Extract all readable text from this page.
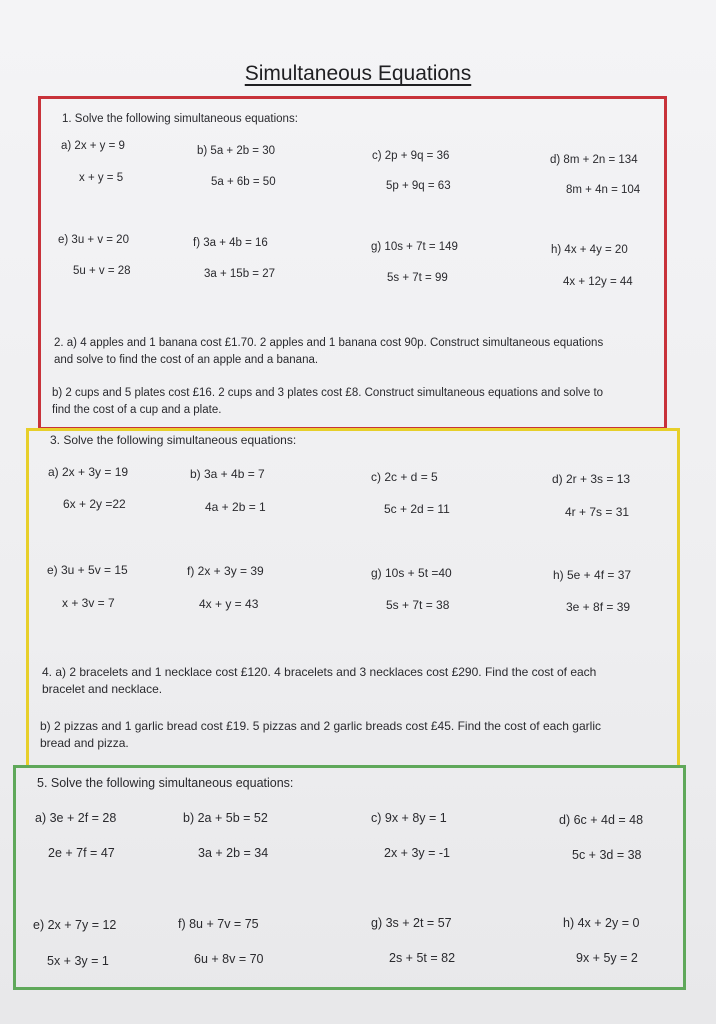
Simultaneous Equations
1. Solve the following simultaneous equations:
a) 2x + y = 9
x + y = 5
b) 5a + 2b = 30
5a + 6b = 50
c) 2p + 9q = 36
5p + 9q = 63
d) 8m + 2n = 134
8m + 4n = 104
e) 3u + v = 20
5u + v = 28
f) 3a + 4b = 16
3a + 15b = 27
g) 10s + 7t = 149
5s + 7t = 99
h) 4x + 4y = 20
4x + 12y = 44
2. a) 4 apples and 1 banana cost £1.70. 2 apples and 1 banana cost 90p. Construct simultaneous equations
and solve to find the cost of an apple and a banana.
b) 2 cups and 5 plates cost £16. 2 cups and 3 plates cost £8. Construct simultaneous equations and solve to
find the cost of a cup and a plate.
3. Solve the following simultaneous equations:
a) 2x + 3y = 19
6x + 2y =22
b) 3a + 4b = 7
4a + 2b = 1
c) 2c + d = 5
5c + 2d = 11
d) 2r + 3s = 13
4r + 7s = 31
e) 3u + 5v = 15
x + 3v = 7
f) 2x + 3y = 39
4x + y = 43
g) 10s + 5t =40
5s + 7t = 38
h) 5e + 4f = 37
3e + 8f = 39
4. a) 2 bracelets and 1 necklace cost £120. 4 bracelets and 3 necklaces cost £290. Find the cost of each
bracelet and necklace.
b) 2 pizzas and 1 garlic bread cost £19. 5 pizzas and 2 garlic breads cost £45. Find the cost of each garlic
bread and pizza.
5. Solve the following simultaneous equations:
a) 3e + 2f = 28
2e + 7f = 47
b) 2a + 5b = 52
3a + 2b = 34
c) 9x + 8y = 1
2x + 3y = -1
d) 6c + 4d = 48
5c + 3d = 38
e) 2x + 7y = 12
5x + 3y = 1
f) 8u + 7v = 75
6u + 8v = 70
g) 3s + 2t = 57
2s + 5t = 82
h) 4x + 2y = 0
9x + 5y = 2
